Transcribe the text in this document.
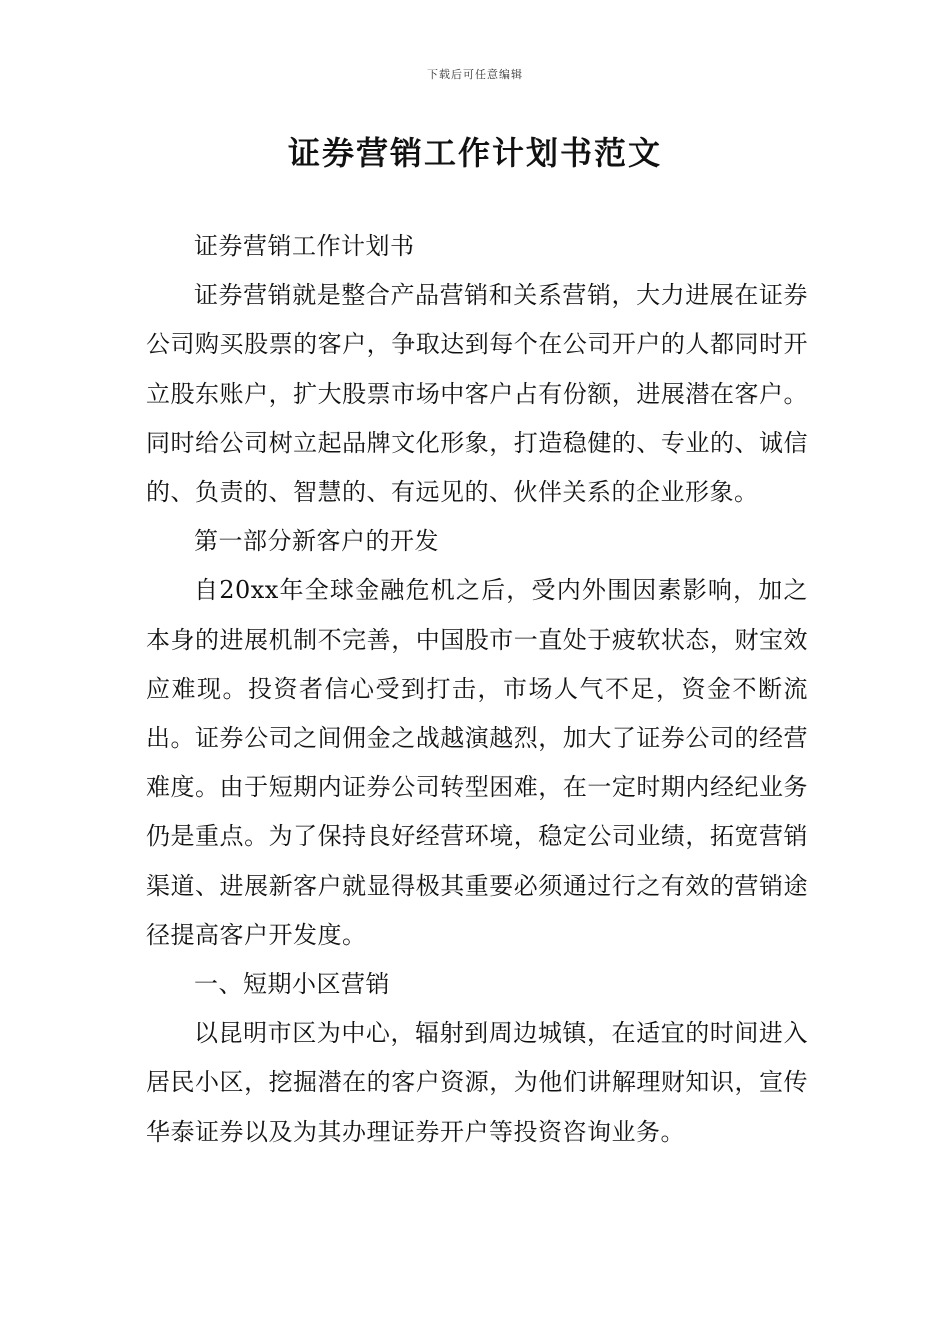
下载后可任意编辑
证券营销工作计划书范文

证券营销工作计划书

证券营销就是整合产品营销和关系营销，大力进展在证券公司购买股票的客户，争取达到每个在公司开户的人都同时开立股东账户，扩大股票市场中客户占有份额，进展潜在客户。同时给公司树立起品牌文化形象，打造稳健的、专业的、诚信的、负责的、智慧的、有远见的、伙伴关系的企业形象。

第一部分新客户的开发

自20xx年全球金融危机之后，受内外围因素影响，加之本身的进展机制不完善，中国股市一直处于疲软状态，财宝效应难现。投资者信心受到打击，市场人气不足，资金不断流出。证券公司之间佣金之战越演越烈，加大了证券公司的经营难度。由于短期内证券公司转型困难，在一定时期内经纪业务仍是重点。为了保持良好经营环境，稳定公司业绩，拓宽营销渠道、进展新客户就显得极其重要必须通过行之有效的营销途径提高客户开发度。

一、短期小区营销

以昆明市区为中心，辐射到周边城镇，在适宜的时间进入居民小区，挖掘潜在的客户资源，为他们讲解理财知识，宣传华泰证券以及为其办理证券开户等投资咨询业务。
